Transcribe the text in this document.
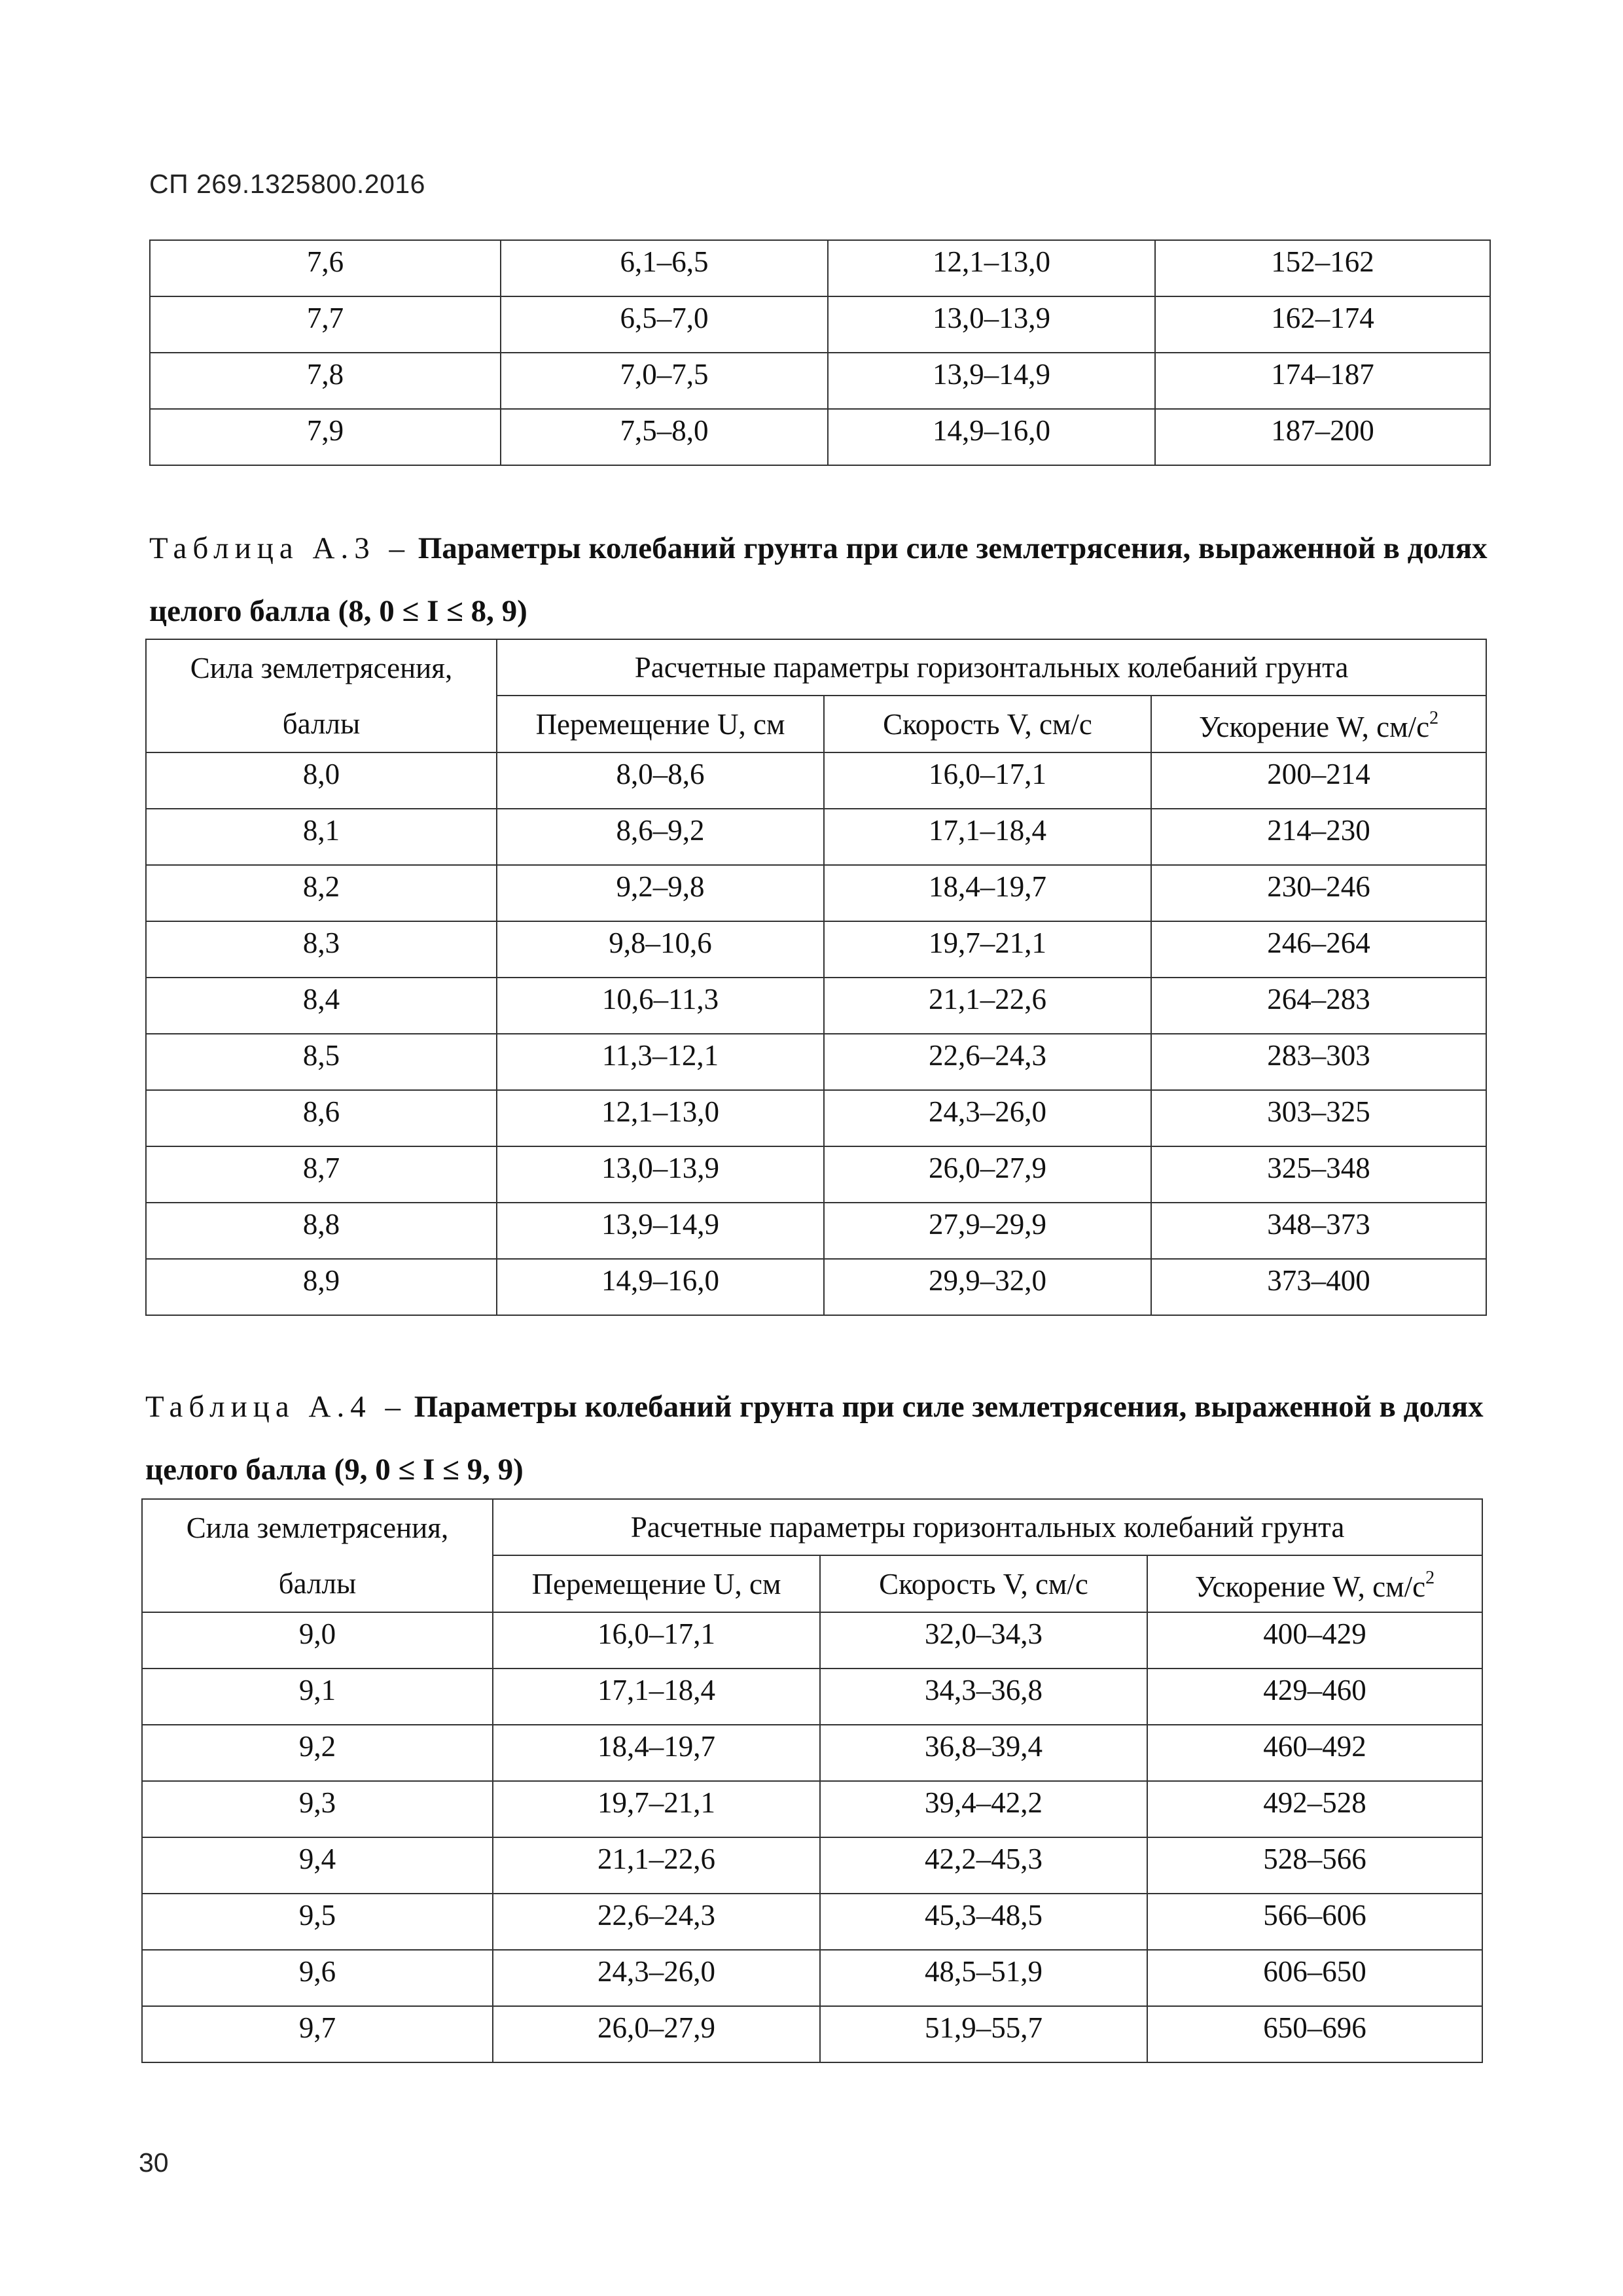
СП 269.1325800.2016
7,6	6,1–6,5	12,1–13,0	152–162
7,7	6,5–7,0	13,0–13,9	162–174
7,8	7,0–7,5	13,9–14,9	174–187
7,9	7,5–8,0	14,9–16,0	187–200
Таблица А.3 – Параметры колебаний грунта при силе землетрясения, выраженной в долях целого балла (8, 0 ≤ I ≤ 8, 9)
Сила землетрясения,	Расчетные параметры горизонтальных колебаний грунта		
баллы	Перемещение U, см	Скорость V, см/с	Ускорение W, $см/с^2$
8,0	8,0–8,6	16,0–17,1	200–214
8,1	8,6–9,2	17,1–18,4	214–230
8,2	9,2–9,8	18,4–19,7	230–246
8,3	9,8–10,6	19,7–21,1	246–264
8,4	10,6–11,3	21,1–22,6	264–283
8,5	11,3–12,1	22,6–24,3	283–303
8,6	12,1–13,0	24,3–26,0	303–325
8,7	13,0–13,9	26,0–27,9	325–348
8,8	13,9–14,9	27,9–29,9	348–373
8,9	14,9–16,0	29,9–32,0	373–400
Таблица А.4 – Параметры колебаний грунта при силе землетрясения, выраженной в долях целого балла (9, 0 ≤ I ≤ 9, 9)
Сила землетрясения,	Расчетные параметры горизонтальных колебаний грунта		
баллы	Перемещение U, см	Скорость V, см/с	Ускорение W, $см/с^2$
9,0	16,0–17,1	32,0–34,3	400–429
9,1	17,1–18,4	34,3–36,8	429–460
9,2	18,4–19,7	36,8–39,4	460–492
9,3	19,7–21,1	39,4–42,2	492–528
9,4	21,1–22,6	42,2–45,3	528–566
9,5	22,6–24,3	45,3–48,5	566–606
9,6	24,3–26,0	48,5–51,9	606–650
9,7	26,0–27,9	51,9–55,7	650–696
30
